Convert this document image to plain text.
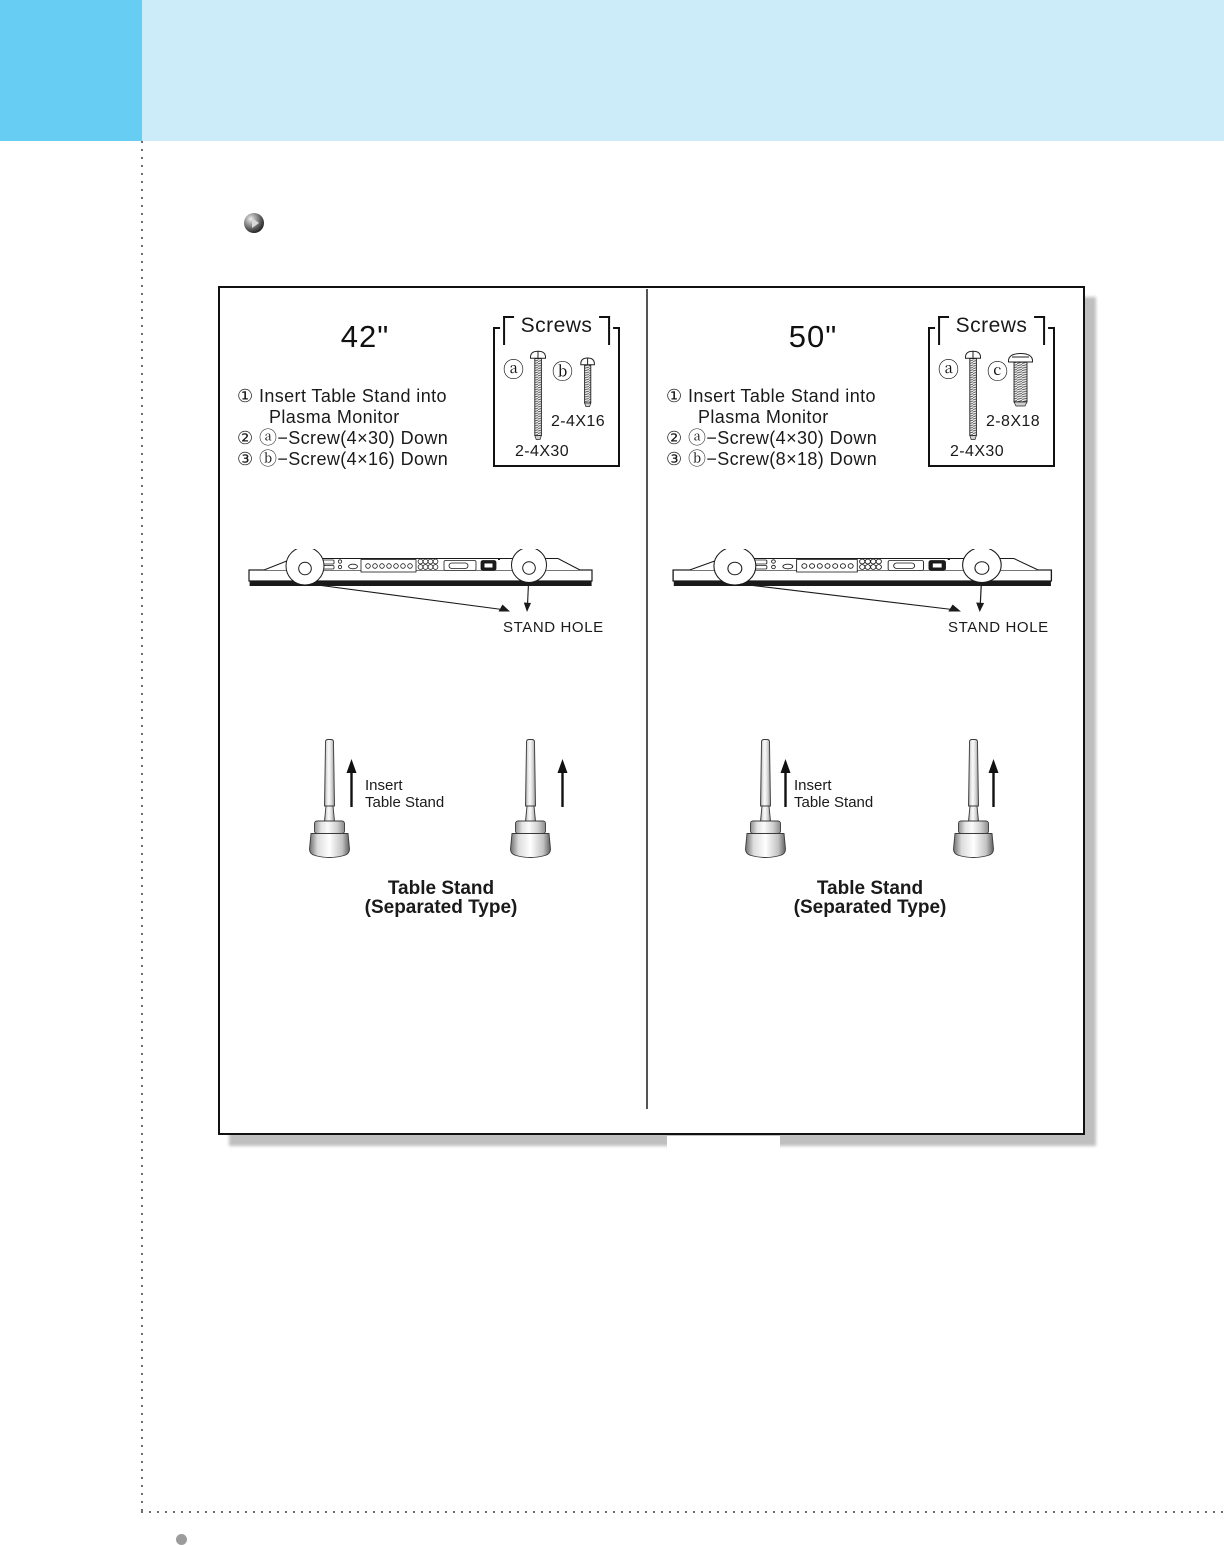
42"
① Insert Table Stand into
Plasma Monitor
② ⓐ−Screw(4×30) Down
③ ⓑ−Screw(4×16) Down
Screws
ⓐ ⓑ
2-4X16
2-4X30
STAND HOLE
Insert
Table Stand
Table Stand
(Separated Type)
50"
① Insert Table Stand into
Plasma Monitor
② ⓐ−Screw(4×30) Down
③ ⓑ−Screw(8×18) Down
Screws
ⓐ ⓒ
2-8X18
2-4X30
STAND HOLE
Insert
Table Stand
Table Stand
(Separated Type)
